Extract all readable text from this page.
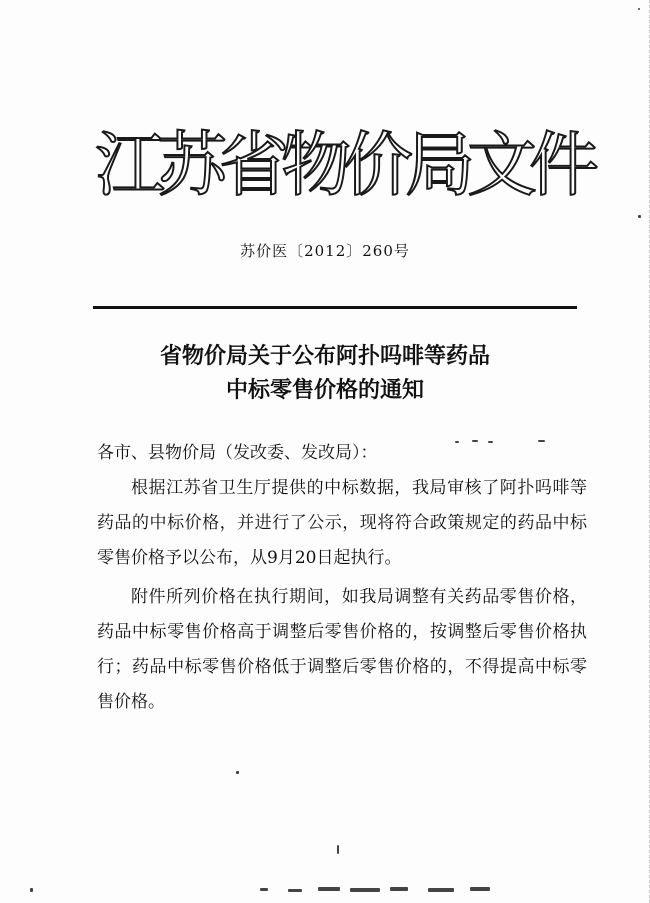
江苏省物价局文件
苏价医〔2012〕260号
省物价局关于公布阿扑吗啡等药品
中标零售价格的通知

各市、县物价局（发改委、发改局）：

根据江苏省卫生厅提供的中标数据，我局审核了阿扑吗啡等药品的中标价格，并进行了公示，现将符合政策规定的药品中标零售价格予以公布，从9月20日起执行。

附件所列价格在执行期间，如我局调整有关药品零售价格，药品中标零售价格高于调整后零售价格的，按调整后零售价格执行；药品中标零售价格低于调整后零售价格的，不得提高中标零售价格。
